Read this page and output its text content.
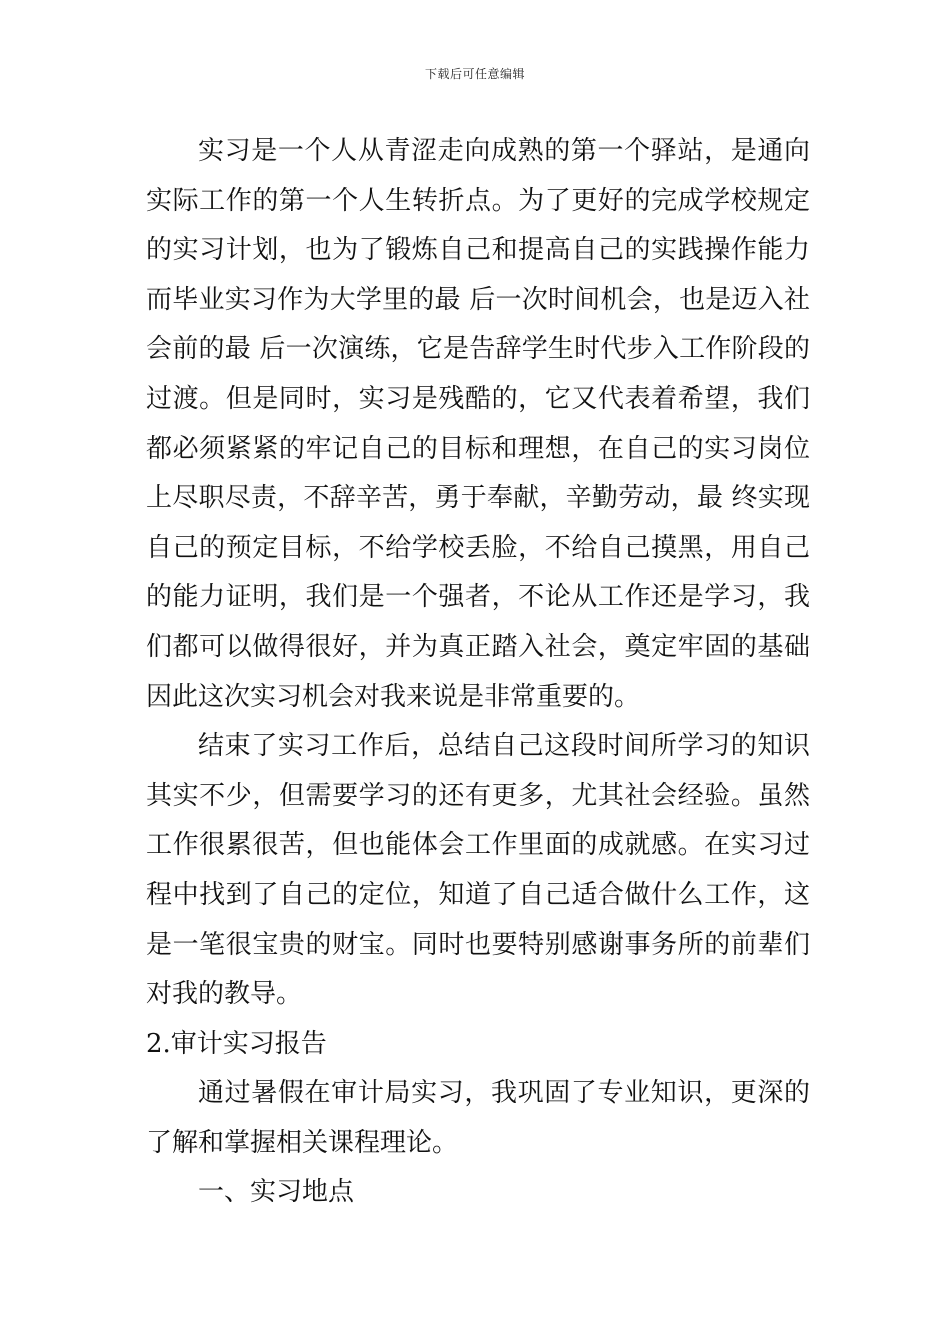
下载后可任意编辑

实习是一个人从青涩走向成熟的第一个驿站，是通向实际工作的第一个人生转折点。为了更好的完成学校规定的实习计划，也为了锻炼自己和提高自己的实践操作能力而毕业实习作为大学里的最 后一次时间机会，也是迈入社会前的最 后一次演练，它是告辞学生时代步入工作阶段的过渡。但是同时，实习是残酷的，它又代表着希望，我们都必须紧紧的牢记自己的目标和理想，在自己的实习岗位上尽职尽责，不辞辛苦，勇于奉献，辛勤劳动，最 终实现自己的预定目标，不给学校丢脸，不给自己摸黑，用自己的能力证明，我们是一个强者，不论从工作还是学习，我们都可以做得很好，并为真正踏入社会，奠定牢固的基础因此这次实习机会对我来说是非常重要的。

结束了实习工作后，总结自己这段时间所学习的知识其实不少，但需要学习的还有更多，尤其社会经验。虽然工作很累很苦，但也能体会工作里面的成就感。在实习过程中找到了自己的定位，知道了自己适合做什么工作，这是一笔很宝贵的财宝。同时也要特别感谢事务所的前辈们对我的教导。

2.审计实习报告

通过暑假在审计局实习，我巩固了专业知识，更深的了解和掌握相关课程理论。

一、实习地点
